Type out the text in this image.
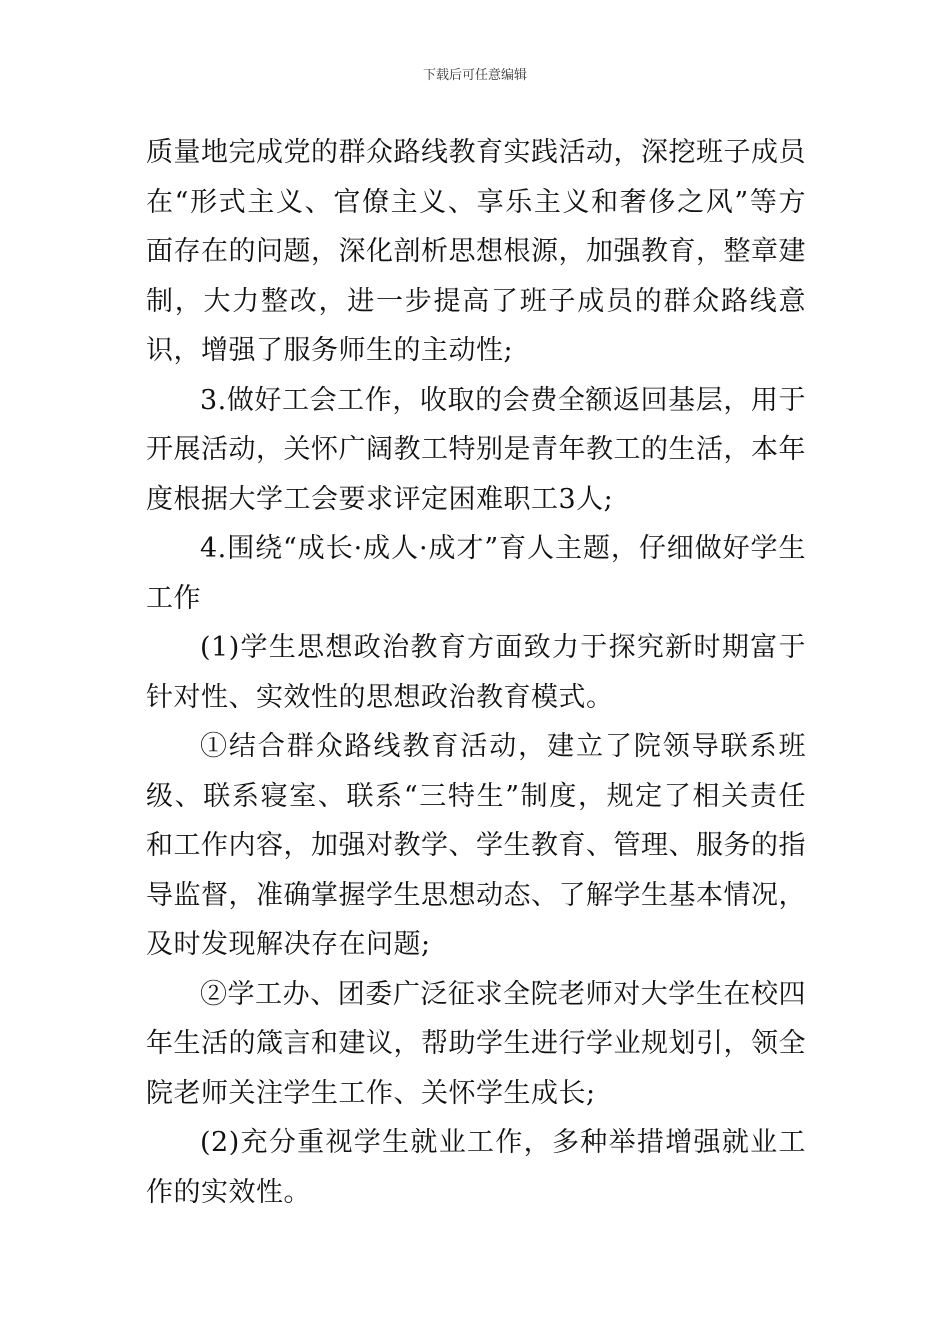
下载后可任意编辑

质量地完成党的群众路线教育实践活动，深挖班子成员在“形式主义、官僚主义、享乐主义和奢侈之风”等方面存在的问题，深化剖析思想根源，加强教育，整章建制，大力整改，进一步提高了班子成员的群众路线意识，增强了服务师生的主动性;

3.做好工会工作，收取的会费全额返回基层，用于开展活动，关怀广阔教工特别是青年教工的生活，本年度根据大学工会要求评定困难职工3人;

4.围绕“成长·成人·成才”育人主题，仔细做好学生工作

(1)学生思想政治教育方面致力于探究新时期富于针对性、实效性的思想政治教育模式。

①结合群众路线教育活动，建立了院领导联系班级、联系寝室、联系“三特生”制度，规定了相关责任和工作内容，加强对教学、学生教育、管理、服务的指导监督，准确掌握学生思想动态、了解学生基本情况，及时发现解决存在问题;

②学工办、团委广泛征求全院老师对大学生在校四年生活的箴言和建议，帮助学生进行学业规划引，领全院老师关注学生工作、关怀学生成长;

(2)充分重视学生就业工作，多种举措增强就业工作的实效性。
